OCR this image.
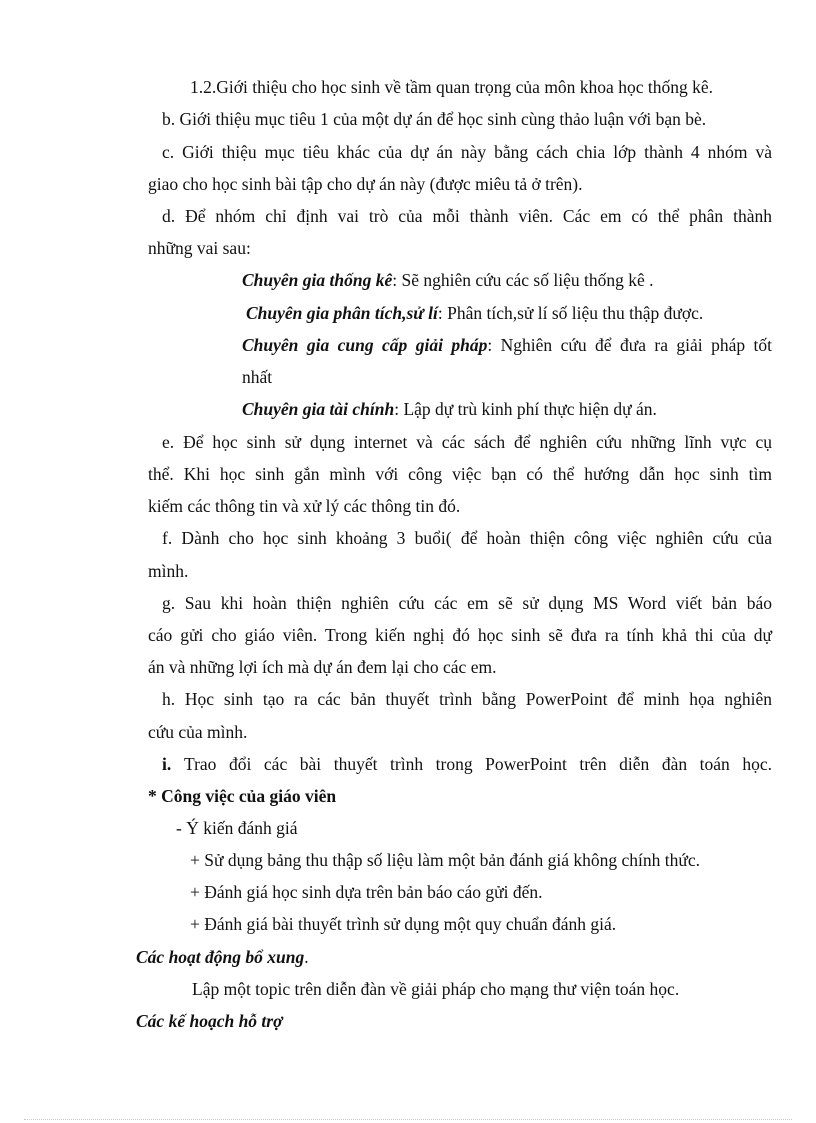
1.2.Giới thiệu cho học sinh về tầm quan trọng của môn khoa học thống kê.
b. Giới thiệu mục tiêu 1 của một dự án để học sinh cùng thảo luận với bạn bè.
c. Giới thiệu mục tiêu khác của dự án này bằng cách chia lớp thành 4 nhóm và
giao cho học sinh bài tập cho dự án này (được miêu tả ở trên).
d. Để nhóm chỉ định vai trò của mỗi thành viên. Các em có thể phân thành
những vai sau:
Chuyên gia thống kê: Sẽ nghiên cứu các số liệu thống kê .
Chuyên gia phân tích,sử lí: Phân tích,sử lí số liệu thu thập được.
Chuyên gia cung cấp giải pháp: Nghiên cứu để đưa ra giải pháp tốt
nhất
Chuyên gia tài chính: Lập dự trù kinh phí thực hiện dự án.
e. Để học sinh sử dụng internet và các sách để nghiên cứu những lĩnh vực cụ
thể. Khi học sinh gắn mình với công việc bạn có thể hướng dẫn học sinh tìm
kiếm các thông tin và xử lý các thông tin đó.
f. Dành cho học sinh khoảng 3 buổi( để hoàn thiện công việc nghiên cứu của
mình.
g. Sau khi hoàn thiện nghiên cứu các em sẽ sử dụng MS Word viết bản báo
cáo gửi cho giáo viên. Trong kiến nghị đó học sinh sẽ đưa ra tính khả thi của dự
án và những lợi ích mà dự án đem lại cho các em.
h. Học sinh tạo ra các bản thuyết trình bằng PowerPoint để minh họa nghiên
cứu của mình.
i. Trao đổi các bài thuyết trình trong PowerPoint trên diễn đàn toán học.
* Công việc của giáo viên
- Ý kiến đánh giá
+ Sử dụng bảng thu thập số liệu làm một bản đánh giá không chính thức.
+ Đánh giá học sinh dựa trên bản báo cáo gửi đến.
+ Đánh giá bài thuyết trình sử dụng một quy chuẩn đánh giá.
Các hoạt động bổ xung.
Lập một topic trên diễn đàn về giải pháp cho mạng thư viện toán học.
Các kế hoạch hỗ trợ
